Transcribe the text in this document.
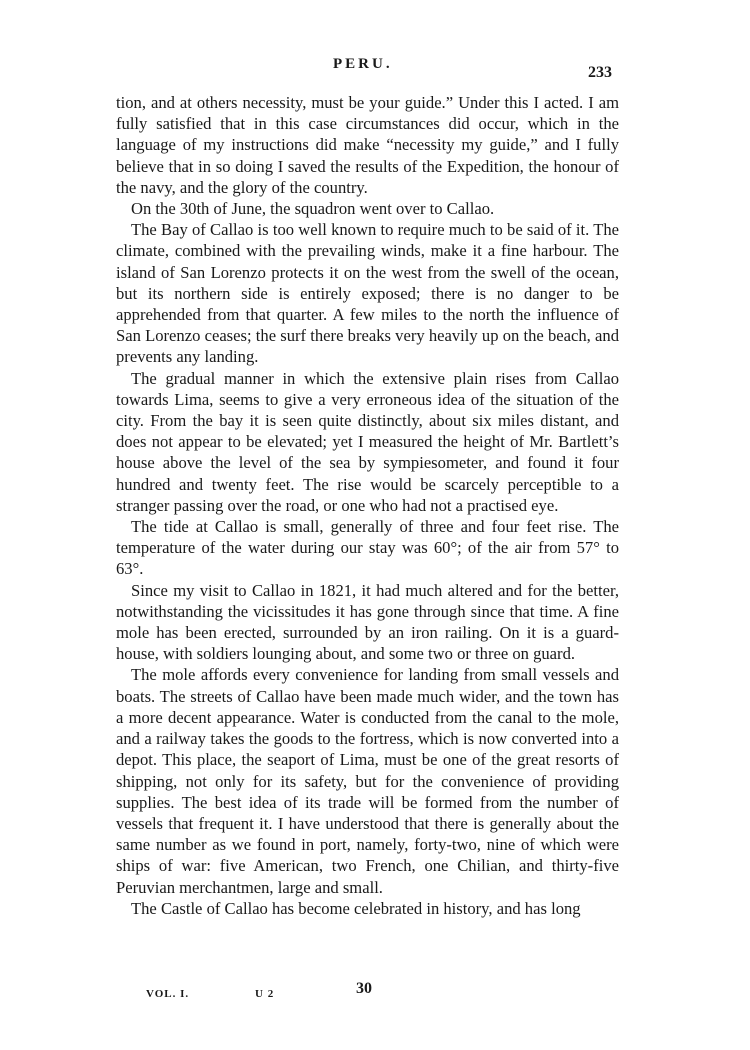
PERU.	233

tion, and at others necessity, must be your guide.” Under this I acted. I am fully satisfied that in this case circumstances did occur, which in the language of my instructions did make “necessity my guide,” and I fully believe that in so doing I saved the results of the Expedition, the honour of the navy, and the glory of the country.

On the 30th of June, the squadron went over to Callao.

The Bay of Callao is too well known to require much to be said of it. The climate, combined with the prevailing winds, make it a fine harbour. The island of San Lorenzo protects it on the west from the swell of the ocean, but its northern side is entirely exposed; there is no danger to be apprehended from that quarter. A few miles to the north the influence of San Lorenzo ceases; the surf there breaks very heavily up on the beach, and prevents any landing.

The gradual manner in which the extensive plain rises from Callao towards Lima, seems to give a very erroneous idea of the situation of the city. From the bay it is seen quite distinctly, about six miles distant, and does not appear to be elevated; yet I measured the height of Mr. Bartlett’s house above the level of the sea by sympiesometer, and found it four hundred and twenty feet. The rise would be scarcely perceptible to a stranger passing over the road, or one who had not a practised eye.

The tide at Callao is small, generally of three and four feet rise. The temperature of the water during our stay was 60°; of the air from 57° to 63°.

Since my visit to Callao in 1821, it had much altered and for the better, notwithstanding the vicissitudes it has gone through since that time. A fine mole has been erected, surrounded by an iron railing. On it is a guard-house, with soldiers lounging about, and some two or three on guard.

The mole affords every convenience for landing from small vessels and boats. The streets of Callao have been made much wider, and the town has a more decent appearance. Water is conducted from the canal to the mole, and a railway takes the goods to the fortress, which is now converted into a depot. This place, the seaport of Lima, must be one of the great resorts of shipping, not only for its safety, but for the convenience of providing supplies. The best idea of its trade will be formed from the number of vessels that frequent it. I have understood that there is generally about the same number as we found in port, namely, forty-two, nine of which were ships of war: five American, two French, one Chilian, and thirty-five Peruvian merchantmen, large and small.

The Castle of Callao has become celebrated in history, and has long

VOL. I.	U 2	30
